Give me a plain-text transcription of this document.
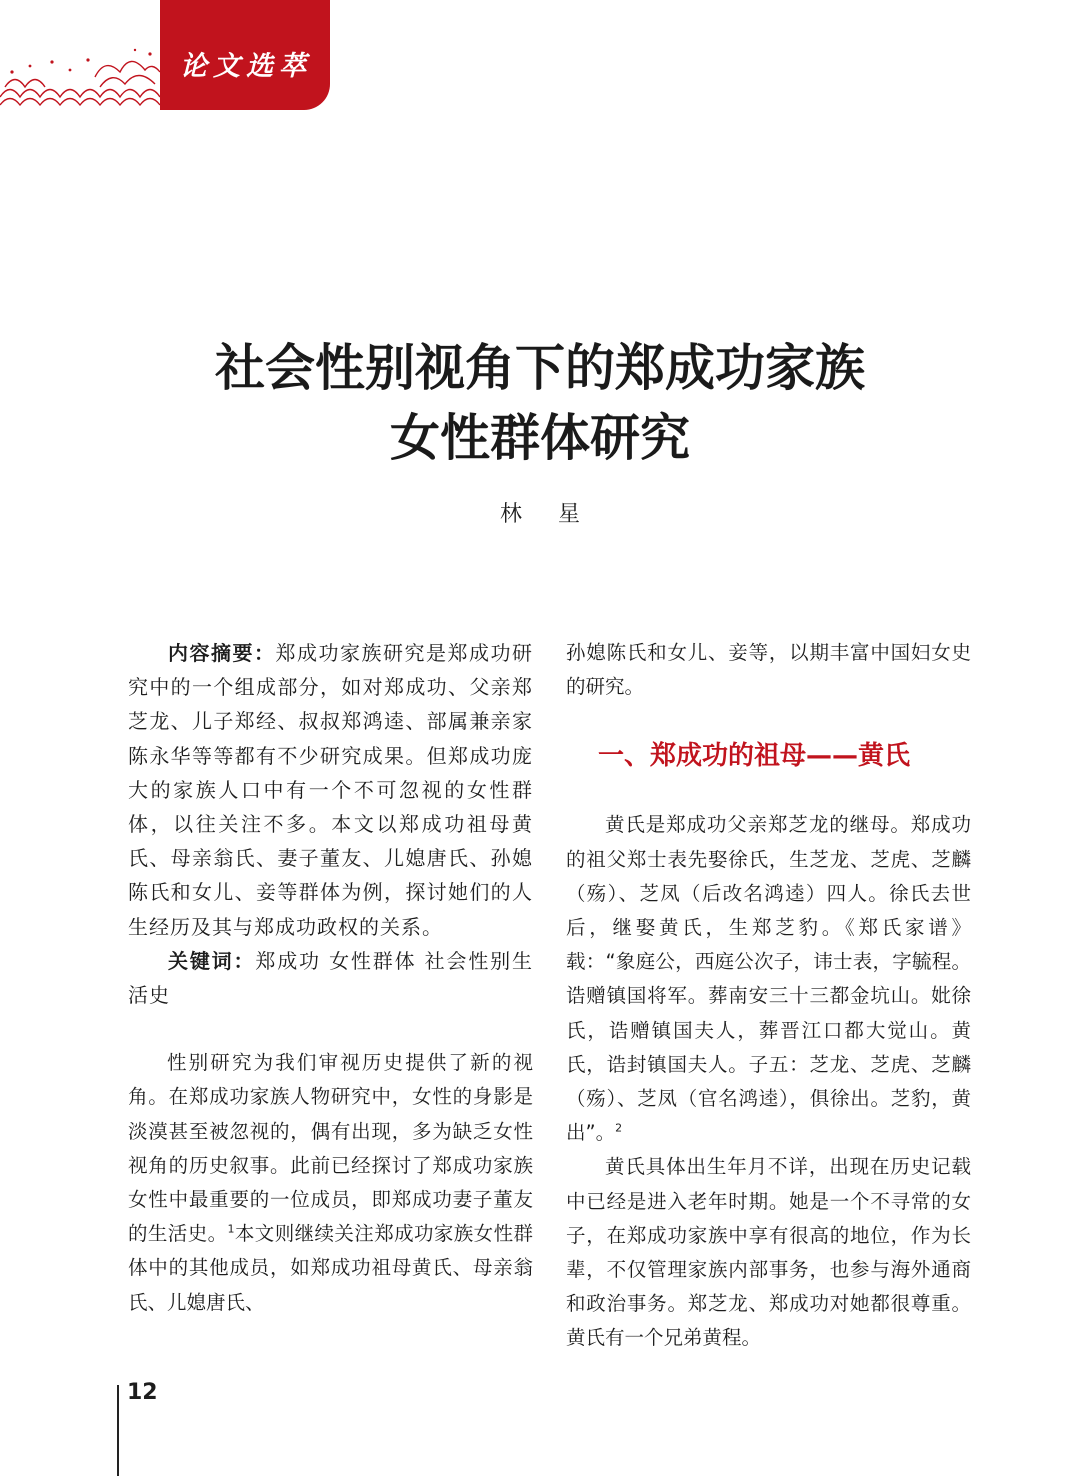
论文选萃
社会性别视角下的郑成功家族
女性群体研究
林星

内容摘要：郑成功家族研究是郑成功研究中的一个组成部分，如对郑成功、父亲郑芝龙、儿子郑经、叔叔郑鸿逵、部属兼亲家陈永华等等都有不少研究成果。但郑成功庞大的家族人口中有一个不可忽视的女性群体，以往关注不多。本文以郑成功祖母黄氏、母亲翁氏、妻子董友、儿媳唐氏、孙媳陈氏和女儿、妾等群体为例，探讨她们的人生经历及其与郑成功政权的关系。

关键词：郑成功 女性群体 社会性别生活史

性别研究为我们审视历史提供了新的视角。在郑成功家族人物研究中，女性的身影是淡漠甚至被忽视的，偶有出现，多为缺乏女性视角的历史叙事。此前已经探讨了郑成功家族女性中最重要的一位成员，即郑成功妻子董友的生活史。$^1$本文则继续关注郑成功家族女性群体中的其他成员，如郑成功祖母黄氏、母亲翁氏、儿媳唐氏、

孙媳陈氏和女儿、妾等，以期丰富中国妇女史的研究。

一、郑成功的祖母——黄氏

黄氏是郑成功父亲郑芝龙的继母。郑成功的祖父郑士表先娶徐氏，生芝龙、芝虎、芝麟（殇）、芝凤（后改名鸿逵）四人。徐氏去世后，继娶黄氏，生郑芝豹。《郑氏家谱》载：“象庭公，西庭公次子，讳士表，字毓程。诰赠镇国将军。葬南安三十三都金坑山。妣徐氏，诰赠镇国夫人，葬晋江口都大觉山。黄氏，诰封镇国夫人。子五：芝龙、芝虎、芝麟（殇）、芝凤（官名鸿逵），俱徐出。芝豹，黄出”。$^2$

黄氏具体出生年月不详，出现在历史记载中已经是进入老年时期。她是一个不寻常的女子，在郑成功家族中享有很高的地位，作为长辈，不仅管理家族内部事务，也参与海外通商和政治事务。郑芝龙、郑成功对她都很尊重。黄氏有一个兄弟黄程。

12
